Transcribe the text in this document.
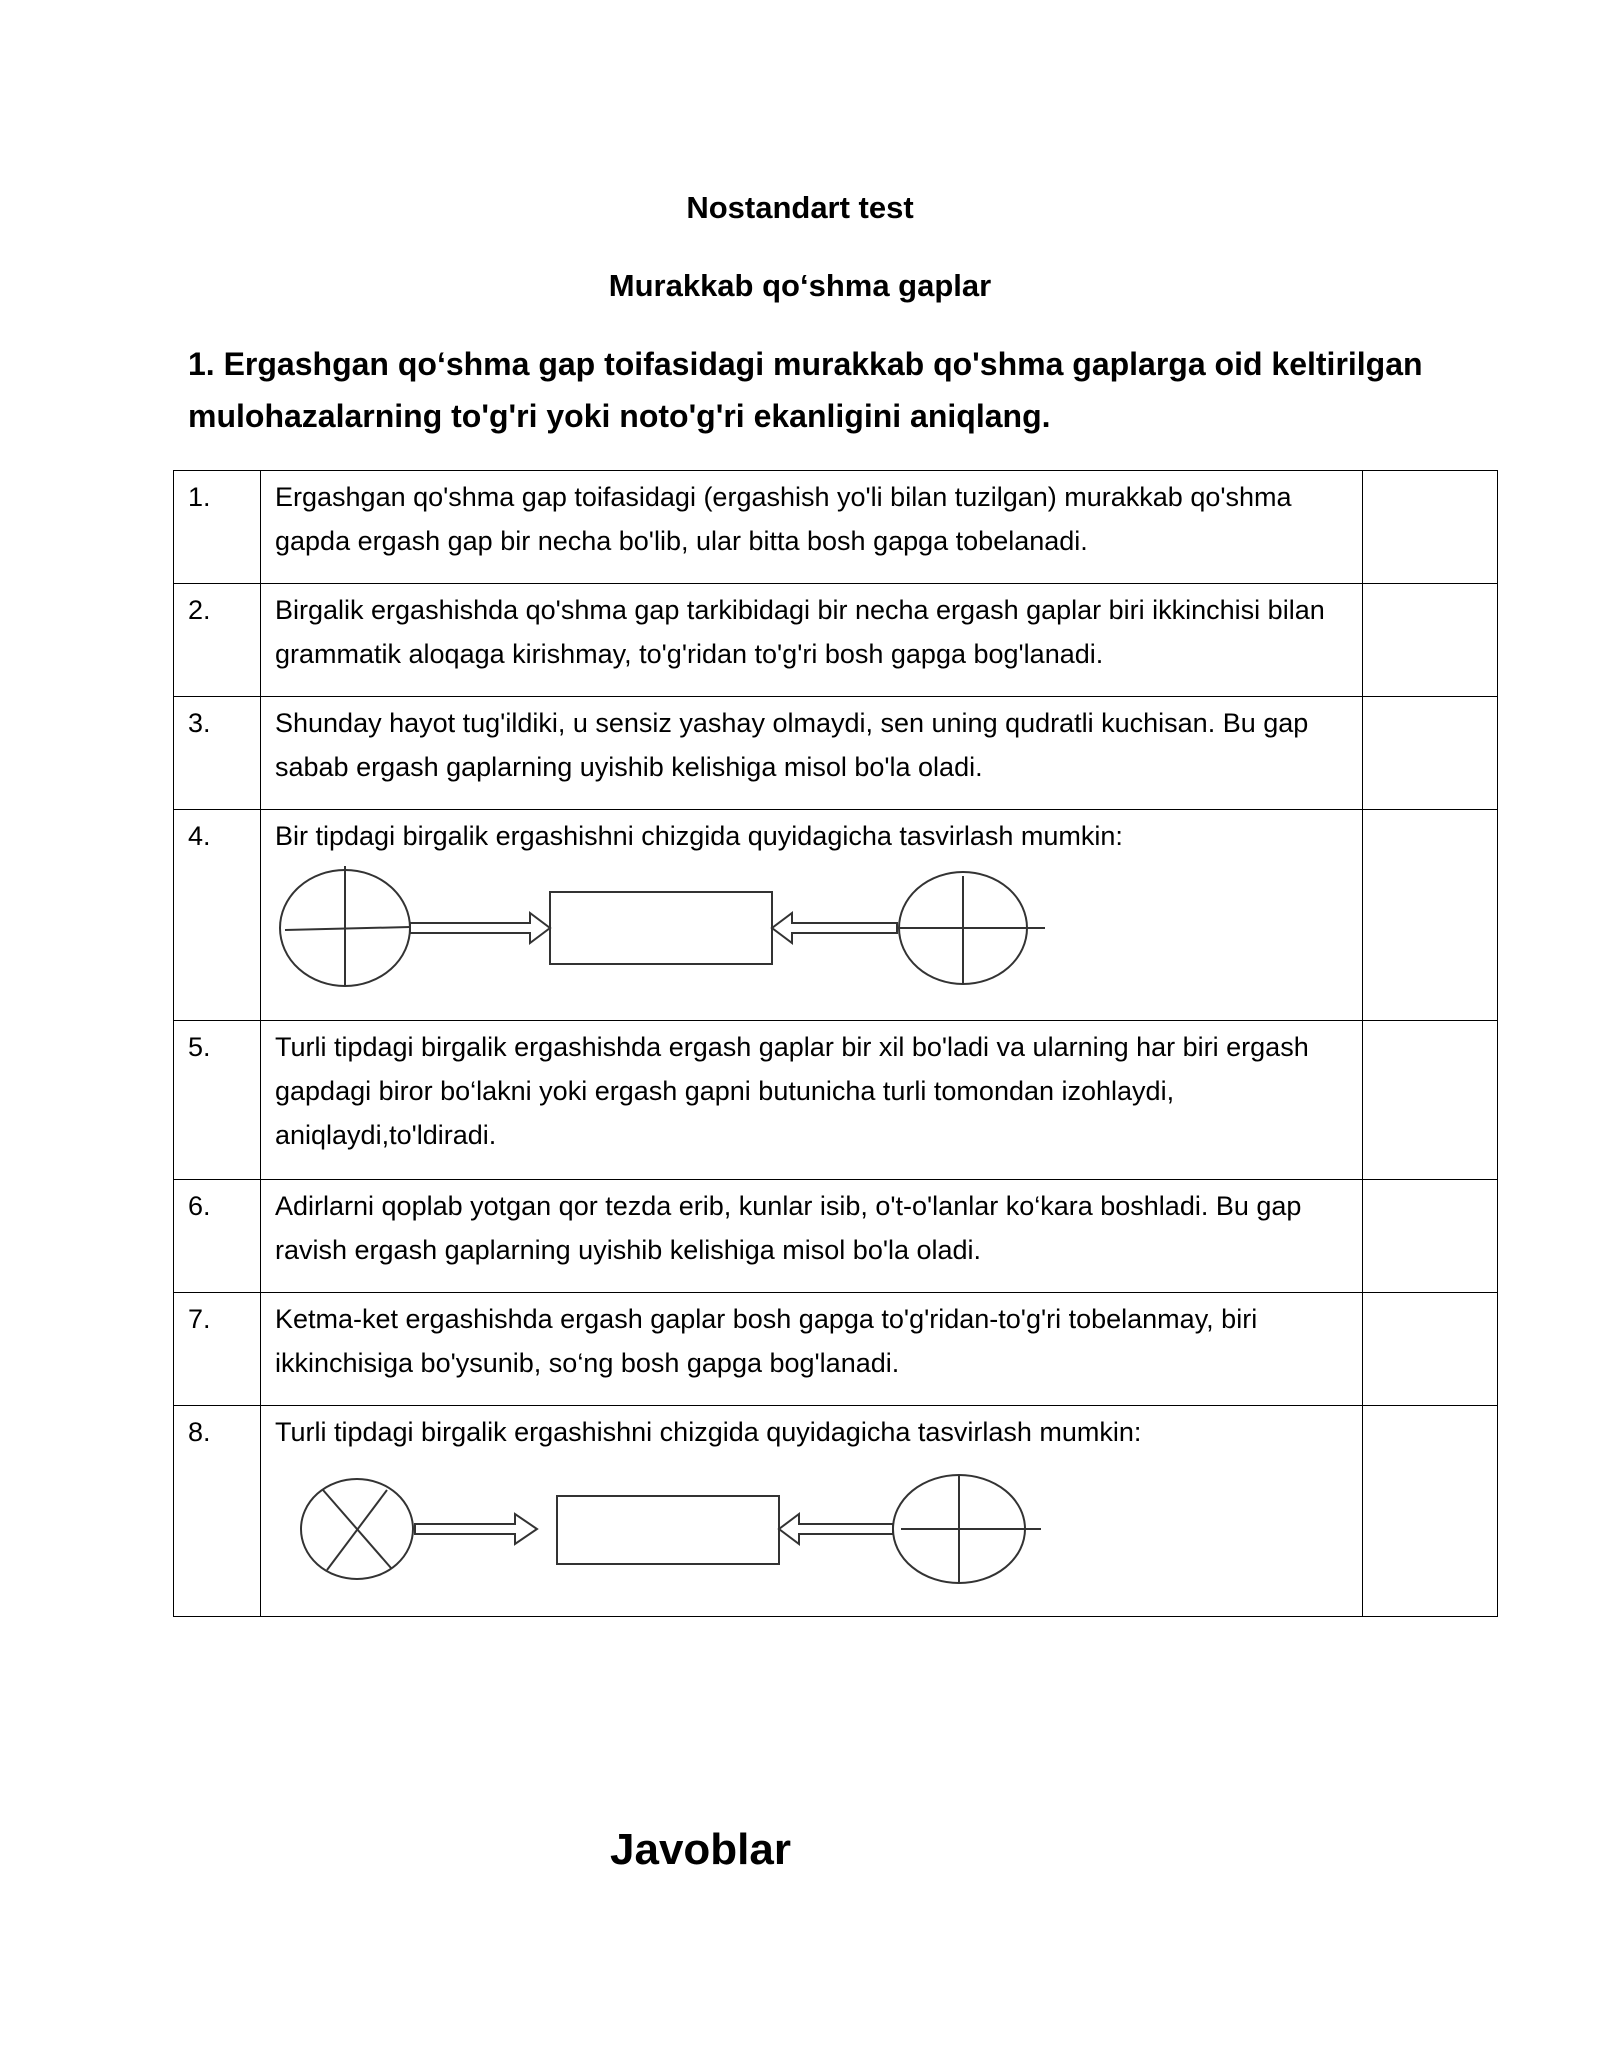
Nostandart test
Murakkab qo‘shma gaplar
1. Ergashgan qo‘shma gap toifasidagi murakkab qo'shma gaplarga oid keltirilgan mulohazalarning to'g'ri yoki noto'g'ri ekanligini aniqlang.
1.	Ergashgan qo'shma gap toifasidagi (ergashish yo'li bilan tuzilgan) murakkab qo'shma gapda ergash gap bir necha bo'lib, ular bitta bosh gapga tobelanadi.	
2.	Birgalik ergashishda qo'shma gap tarkibidagi bir necha ergash gaplar biri ikkinchisi bilan grammatik aloqaga kirishmay, to'g'ridan to'g'ri bosh gapga bog'lanadi.	
3.	Shunday hayot tug'ildiki, u sensiz yashay olmaydi, sen uning qudratli kuchisan. Bu gap sabab ergash gaplarning uyishib kelishiga misol bo'la oladi.	
4.	Bir tipdagi birgalik ergashishni chizgida quyidagicha tasvirlash mumkin:	

5.	Turli tipdagi birgalik ergashishda ergash gaplar bir xil bo'ladi va ularning har biri ergash gapdagi biror bo‘lakni yoki ergash gapni butunicha turli tomondan izohlaydi, aniqlaydi,to'ldiradi.	
6.	Adirlarni qoplab yotgan qor tezda erib, kunlar isib, o't-o'lanlar ko‘kara boshladi. Bu gap ravish ergash gaplarning uyishib kelishiga misol bo'la oladi.	
7.	Ketma-ket ergashishda ergash gaplar bosh gapga to'g'ridan-to'g'ri tobelanmay, biri ikkinchisiga bo'ysunib, so‘ng bosh gapga bog'lanadi.	
8.	Turli tipdagi birgalik ergashishni chizgida quyidagicha tasvirlash mumkin:	

Javoblar
